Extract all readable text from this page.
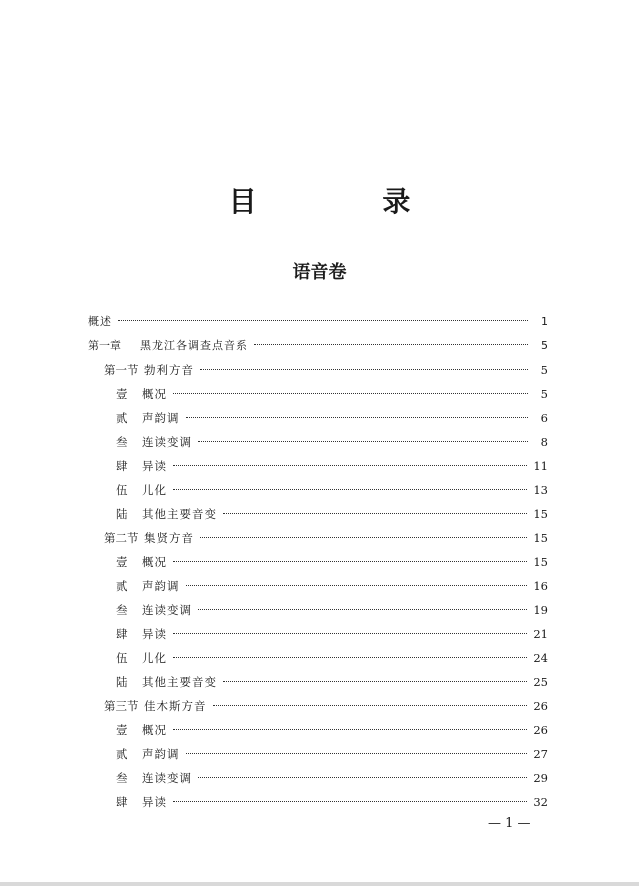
目 录
语音卷
概述	1
第一章	黑龙江各调查点音系	5
第一节 勃利方音	5
壹	概况	5
贰	声韵调	6
叁	连读变调	8
肆	异读	11
伍	儿化	13
陆	其他主要音变	15
第二节 集贤方音	15
壹	概况	15
贰	声韵调	16
叁	连读变调	19
肆	异读	21
伍	儿化	24
陆	其他主要音变	25
第三节 佳木斯方音	26
壹	概况	26
贰	声韵调	27
叁	连读变调	29
肆	异读	32
— 1 —
